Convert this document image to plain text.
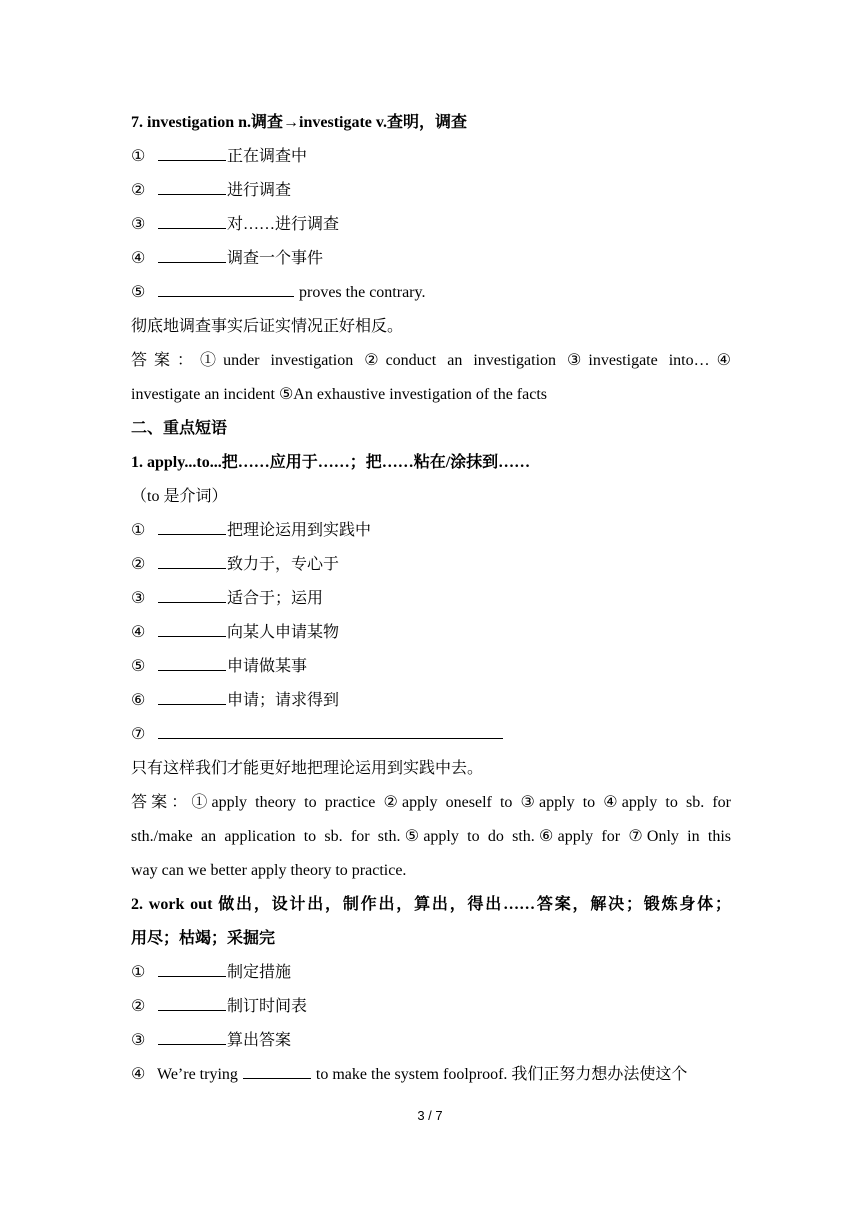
7. investigation n.调查→investigate v.查明，调查
①	正在调查中
②	进行调查
③	对……进行调查
④	调查一个事件
⑤	proves the contrary.
彻底地调查事实后证实情况正好相反。
答案：①under investigation ②conduct an investigation ③investigate into…④
investigate an incident ⑤An exhaustive investigation of the facts
二、重点短语
1. apply...to...把……应用于……；把……粘在/涂抹到……
（to 是介词）
①	把理论运用到实践中
②	致力于，专心于
③	适合于；运用
④	向某人申请某物
⑤	申请做某事
⑥	申请；请求得到
⑦
只有这样我们才能更好地把理论运用到实践中去。
答案：①apply theory to practice ②apply oneself to ③apply to ④apply to sb. for
sth./make an application to sb. for sth.⑤apply to do sth.⑥apply for ⑦Only in this
way can we better apply theory to practice.
2. work out 做出，设计出，制作出，算出，得出……答案，解决；锻炼身体；
用尽；枯竭；采掘完
①	制定措施
②	制订时间表
③	算出答案
④ We’re trying	to make the system foolproof. 我们正努力想办法使这个
3 / 7
